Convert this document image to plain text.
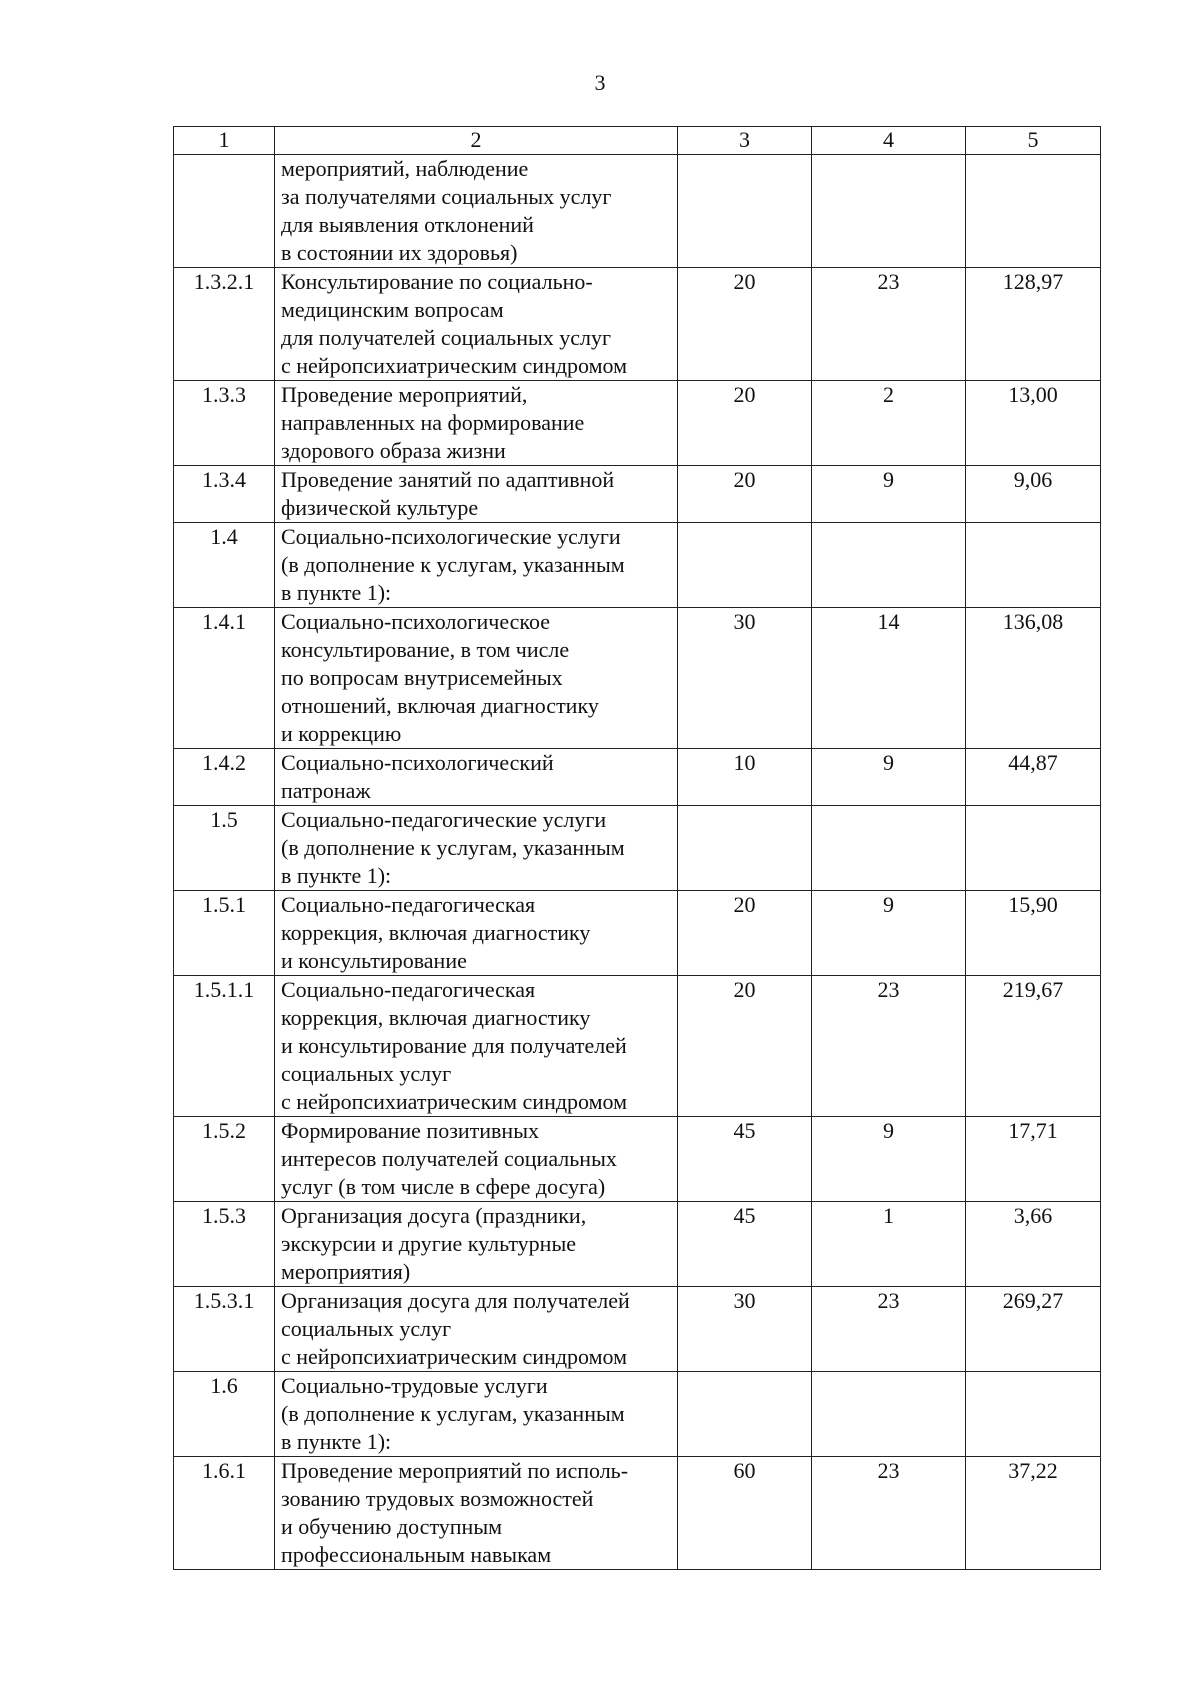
3
1	2	3	4	5

	мероприятий, наблюдение
за получателями социальных услуг
для выявления отклонений
в состоянии их здоровья)			

1.3.2.1	Консультирование по социально-
медицинским вопросам
для получателей социальных услуг
с нейропсихиатрическим синдромом	20	23	128,97
1.3.3	Проведение мероприятий,
направленных на формирование
здорового образа жизни	20	2	13,00
1.3.4	Проведение занятий по адаптивной
физической культуре	20	9	9,06
1.4	Социально-психологические услуги
(в дополнение к услугам, указанным
в пункте 1):			

1.4.1	Социально-психологическое
консультирование, в том числе
по вопросам внутрисемейных
отношений, включая диагностику
и коррекцию	30	14	136,08
1.4.2	Социально-психологический
патронаж	10	9	44,87
1.5	Социально-педагогические услуги
(в дополнение к услугам, указанным
в пункте 1):			

1.5.1	Социально-педагогическая
коррекция, включая диагностику
и консультирование	20	9	15,90
1.5.1.1	Социально-педагогическая
коррекция, включая диагностику
и консультирование для получателей
социальных услуг
с нейропсихиатрическим синдромом	20	23	219,67
1.5.2	Формирование позитивных
интересов получателей социальных
услуг (в том числе в сфере досуга)	45	9	17,71
1.5.3	Организация досуга (праздники,
экскурсии и другие культурные
мероприятия)	45	1	3,66
1.5.3.1	Организация досуга для получателей
социальных услуг
с нейропсихиатрическим синдромом	30	23	269,27
1.6	Социально-трудовые услуги
(в дополнение к услугам, указанным
в пункте 1):			

1.6.1	Проведение мероприятий по исполь-
зованию трудовых возможностей
и обучению доступным
профессиональным навыкам	60	23	37,22
